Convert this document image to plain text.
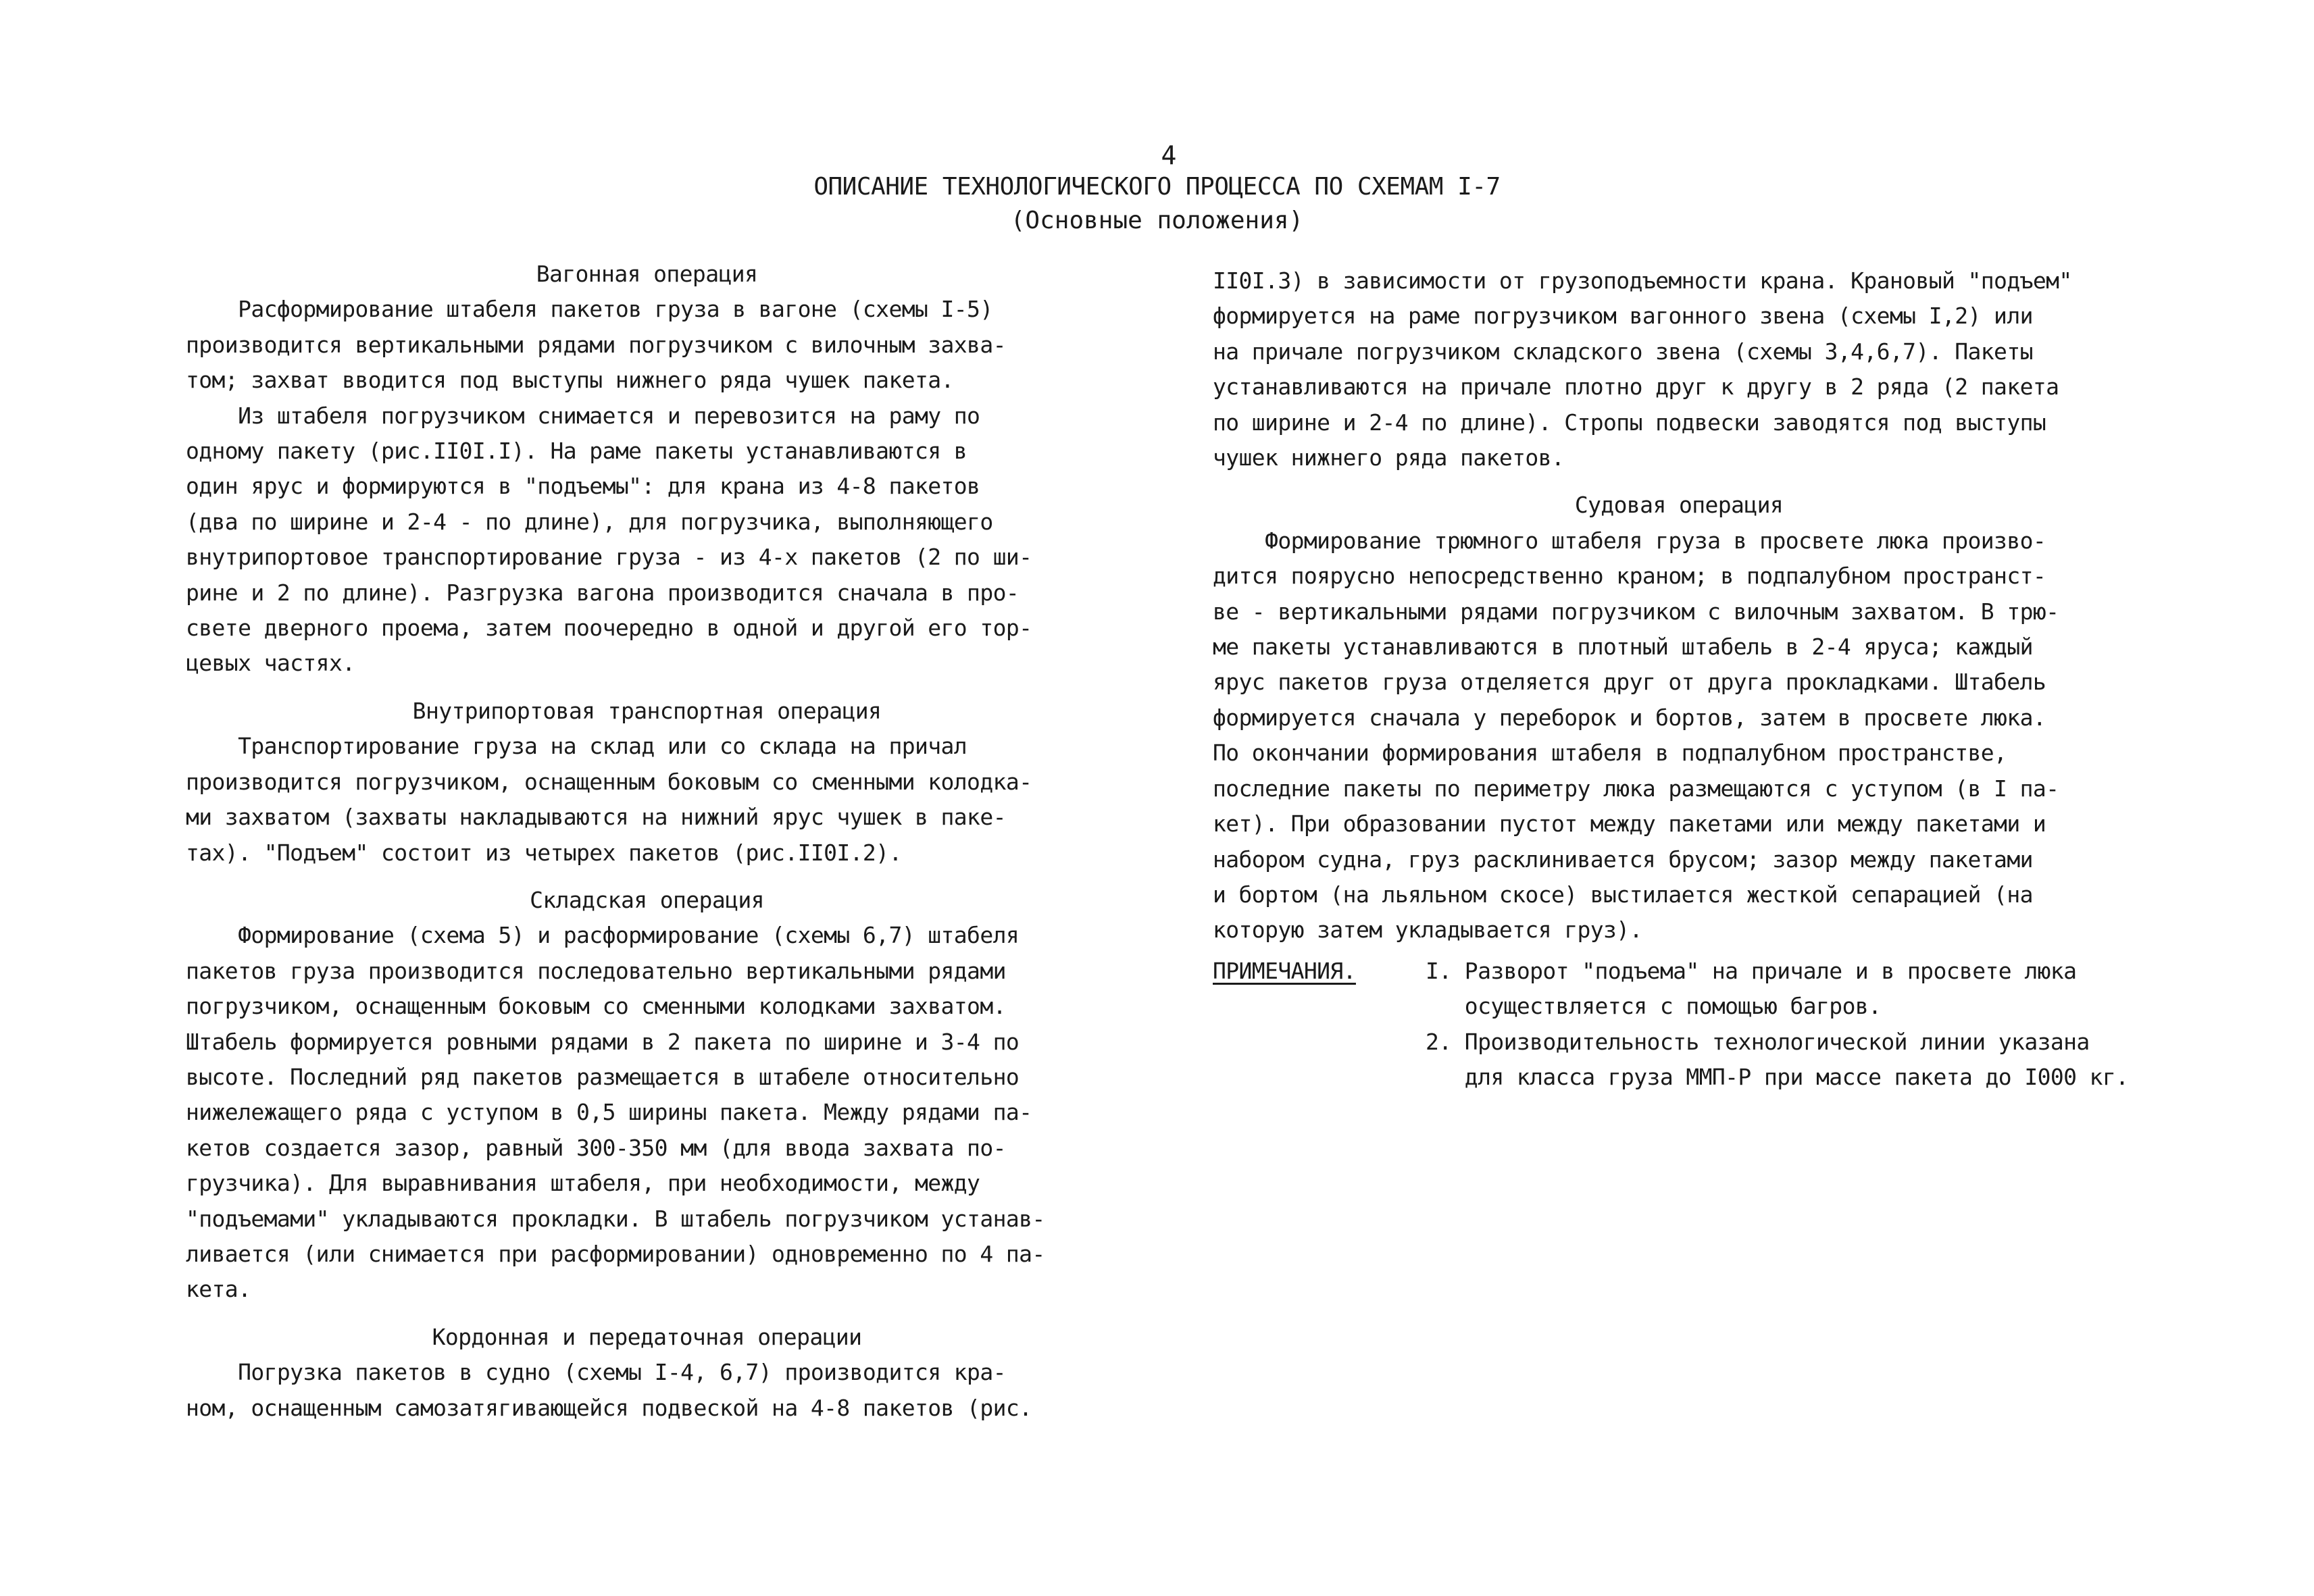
4
ОПИСАНИЕ ТЕХНОЛОГИЧЕСКОГО ПРОЦЕССА ПО СХЕМАМ I-7
(Основные положения)

Вагонная операция

Расформирование штабеля пакетов груза в вагоне (схемы I-5)

производится вертикальными рядами погрузчиком с вилочным захва-

том; захват вводится под выступы нижнего ряда чушек пакета.

Из штабеля погрузчиком снимается и перевозится на раму по

одному пакету (рис.II0I.I). На раме пакеты устанавливаются в

один ярус и формируются в "подъемы": для крана из 4-8 пакетов

(два по ширине и 2-4 - по длине), для погрузчика, выполняющего

внутрипортовое транспортирование груза - из 4-х пакетов (2 по ши-

рине и 2 по длине). Разгрузка вагона производится сначала в про-

свете дверного проема, затем поочередно в одной и другой его тор-

цевых частях.

Внутрипортовая транспортная операция

Транспортирование груза на склад или со склада на причал

производится погрузчиком, оснащенным боковым со сменными колодка-

ми захватом (захваты накладываются на нижний ярус чушек в паке-

тах). "Подъем" состоит из четырех пакетов (рис.II0I.2).

Складская операция

Формирование (схема 5) и расформирование (схемы 6,7) штабеля

пакетов груза производится последовательно вертикальными рядами

погрузчиком, оснащенным боковым со сменными колодками захватом.

Штабель формируется ровными рядами в 2 пакета по ширине и 3-4 по

высоте. Последний ряд пакетов размещается в штабеле относительно

нижележащего ряда с уступом в 0,5 ширины пакета. Между рядами па-

кетов создается зазор, равный 300-350 мм (для ввода захвата по-

грузчика). Для выравнивания штабеля, при необходимости, между

"подъемами" укладываются прокладки. В штабель погрузчиком устанав-

ливается (или снимается при расформировании) одновременно по 4 па-

кета.

Кордонная и передаточная операции

Погрузка пакетов в судно (схемы I-4, 6,7) производится кра-

ном, оснащенным самозатягивающейся подвеской на 4-8 пакетов (рис.

II0I.3) в зависимости от грузоподъемности крана. Крановый "подъем"

формируется на раме погрузчиком вагонного звена (схемы I,2) или

на причале погрузчиком складского звена (схемы 3,4,6,7). Пакеты

устанавливаются на причале плотно друг к другу в 2 ряда (2 пакета

по ширине и 2-4 по длине). Стропы подвески заводятся под выступы

чушек нижнего ряда пакетов.

Судовая операция

Формирование трюмного штабеля груза в просвете люка произво-

дится поярусно непосредственно краном; в подпалубном пространст-

ве - вертикальными рядами погрузчиком с вилочным захватом. В трю-

ме пакеты устанавливаются в плотный штабель в 2-4 яруса; каждый

ярус пакетов груза отделяется друг от друга прокладками. Штабель

формируется сначала у переборок и бортов, затем в просвете люка.

По окончании формирования штабеля в подпалубном пространстве,

последние пакеты по периметру люка размещаются с уступом (в I па-

кет). При образовании пустот между пакетами или между пакетами и

набором судна, груз расклинивается брусом; зазор между пакетами

и бортом (на льяльном скосе) выстилается жесткой сепарацией (на

которую затем укладывается груз).

ПРИМЕЧАНИЯ.	I. Разворот "подъема" на причале и в просвете люка
осуществляется с помощью багров.
2. Производительность технологической линии указана
для класса груза ММП-Р при массе пакета до I000 кг.
